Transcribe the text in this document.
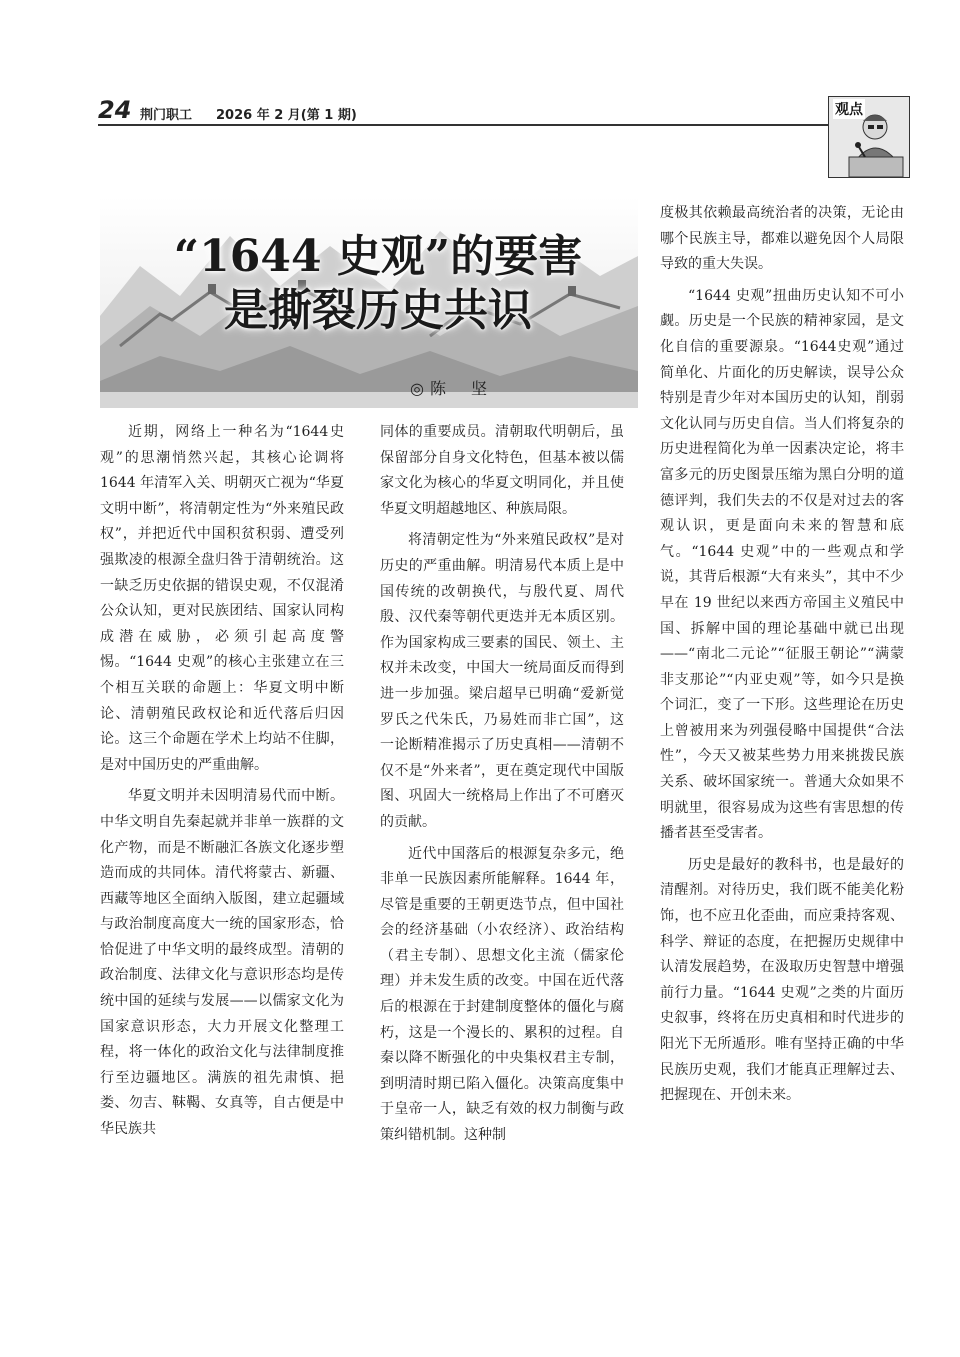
24 荆门职工 2026 年 2 月(第 1 期)	观点
“1644 史观”的要害
是撕裂历史共识
◎ 陈 坚

近期，网络上一种名为“1644史观”的思潮悄然兴起，其核心论调将 1644 年清军入关、明朝灭亡视为“华夏文明中断”，将清朝定性为“外来殖民政权”，并把近代中国积贫积弱、遭受列强欺凌的根源全盘归咎于清朝统治。这一缺乏历史依据的错误史观，不仅混淆公众认知，更对民族团结、国家认同构成潜在威胁，必须引起高度警惕。“1644 史观”的核心主张建立在三个相互关联的命题上：华夏文明中断论、清朝殖民政权论和近代落后归因论。这三个命题在学术上均站不住脚，是对中国历史的严重曲解。

华夏文明并未因明清易代而中断。中华文明自先秦起就并非单一族群的文化产物，而是不断融汇各族文化逐步塑造而成的共同体。清代将蒙古、新疆、西藏等地区全面纳入版图，建立起疆域与政治制度高度大一统的国家形态，恰恰促进了中华文明的最终成型。清朝的政治制度、法律文化与意识形态均是传统中国的延续与发展——以儒家文化为国家意识形态，大力开展文化整理工程，将一体化的政治文化与法律制度推行至边疆地区。满族的祖先肃慎、挹娄、勿吉、靺鞨、女真等，自古便是中华民族共

同体的重要成员。清朝取代明朝后，虽保留部分自身文化特色，但基本被以儒家文化为核心的华夏文明同化，并且使华夏文明超越地区、种族局限。

将清朝定性为“外来殖民政权”是对历史的严重曲解。明清易代本质上是中国传统的改朝换代，与殷代夏、周代殷、汉代秦等朝代更迭并无本质区别。作为国家构成三要素的国民、领土、主权并未改变，中国大一统局面反而得到进一步加强。梁启超早已明确“爱新觉罗氏之代朱氏，乃易姓而非亡国”，这一论断精准揭示了历史真相——清朝不仅不是“外来者”，更在奠定现代中国版图、巩固大一统格局上作出了不可磨灭的贡献。

近代中国落后的根源复杂多元，绝非单一民族因素所能解释。1644 年，尽管是重要的王朝更迭节点，但中国社会的经济基础（小农经济）、政治结构（君主专制）、思想文化主流（儒家伦理）并未发生质的改变。中国在近代落后的根源在于封建制度整体的僵化与腐朽，这是一个漫长的、累积的过程。自秦以降不断强化的中央集权君主专制，到明清时期已陷入僵化。决策高度集中于皇帝一人，缺乏有效的权力制衡与政策纠错机制。这种制

度极其依赖最高统治者的决策，无论由哪个民族主导，都难以避免因个人局限导致的重大失误。

“1644 史观”扭曲历史认知不可小觑。历史是一个民族的精神家园，是文化自信的重要源泉。“1644史观”通过简单化、片面化的历史解读，误导公众特别是青少年对本国历史的认知，削弱文化认同与历史自信。当人们将复杂的历史进程简化为单一因素决定论，将丰富多元的历史图景压缩为黑白分明的道德评判，我们失去的不仅是对过去的客观认识，更是面向未来的智慧和底气。“1644 史观”中的一些观点和学说，其背后根源“大有来头”，其中不少早在 19 世纪以来西方帝国主义殖民中国、拆解中国的理论基础中就已出现——“南北二元论”“征服王朝论”“满蒙非支那论”“内亚史观”等，如今只是换个词汇，变了一下形。这些理论在历史上曾被用来为列强侵略中国提供“合法性”，今天又被某些势力用来挑拨民族关系、破坏国家统一。普通大众如果不明就里，很容易成为这些有害思想的传播者甚至受害者。

历史是最好的教科书，也是最好的清醒剂。对待历史，我们既不能美化粉饰，也不应丑化歪曲，而应秉持客观、科学、辩证的态度，在把握历史规律中认清发展趋势，在汲取历史智慧中增强前行力量。“1644 史观”之类的片面历史叙事，终将在历史真相和时代进步的阳光下无所遁形。唯有坚持正确的中华民族历史观，我们才能真正理解过去、把握现在、开创未来。
